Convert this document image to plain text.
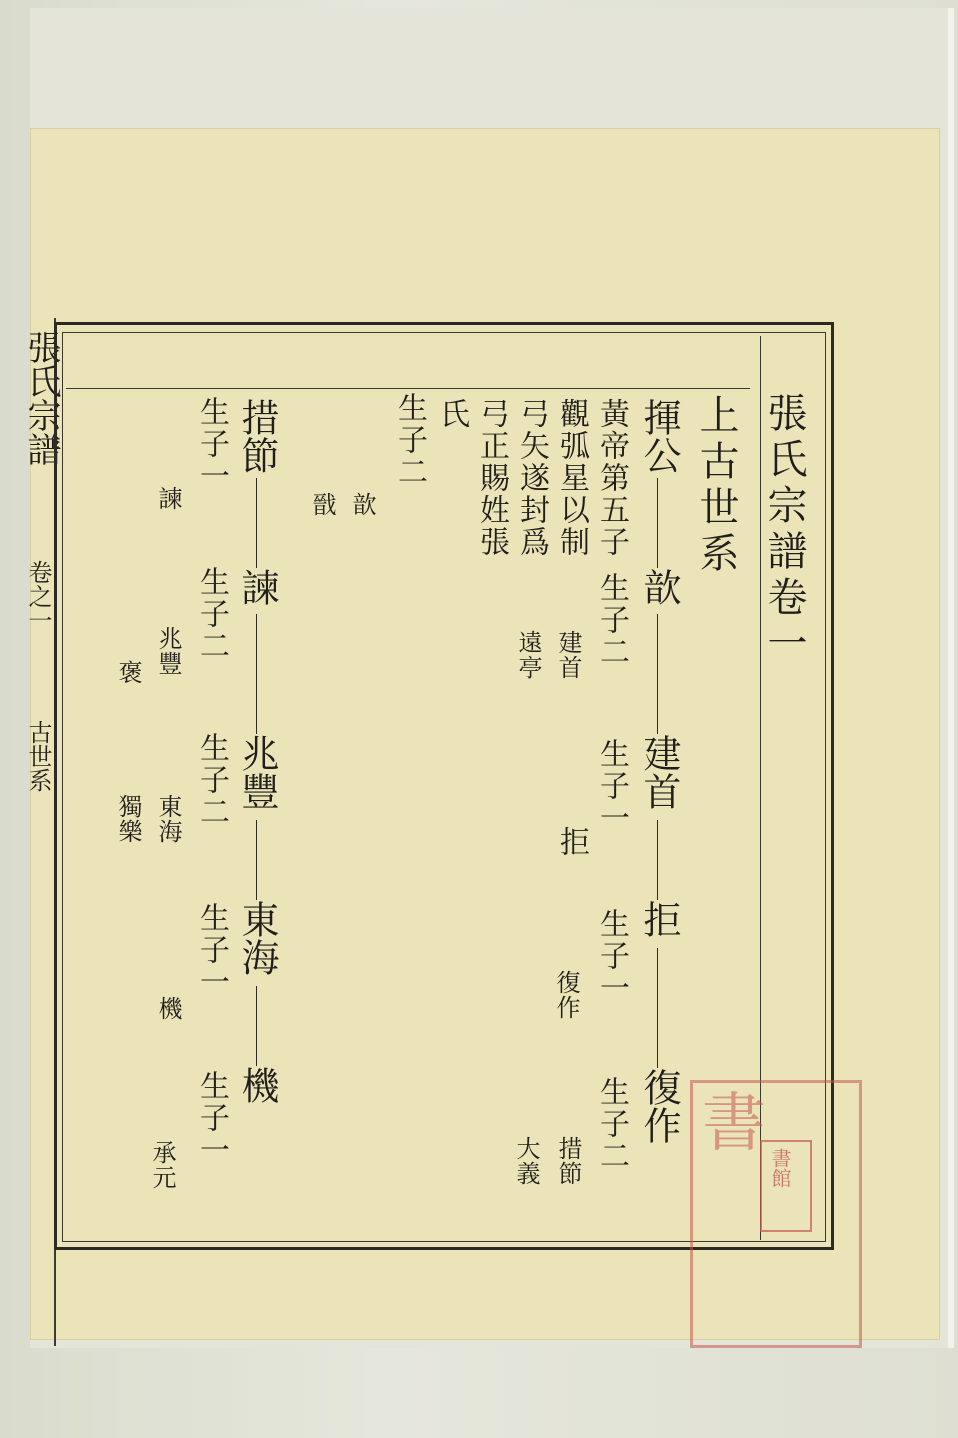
張氏宗譜
卷之一
古世系
張氏宗譜卷一
上古世系
揮公
歆
建首
拒
復作
黃帝第五子
生子二
觀弧星以制
弓矢遂封爲
弓正賜姓張
氏
建首
遠亭
生子一
拒
生子一
復作
生子二
措節
大義
生子二
歆
戩
措節
諫
兆豐
東海
機
生子一
諫
生子二
兆豐
褒
生子二
東海
獨樂
生子一
機
生子一
承元
書
書館
